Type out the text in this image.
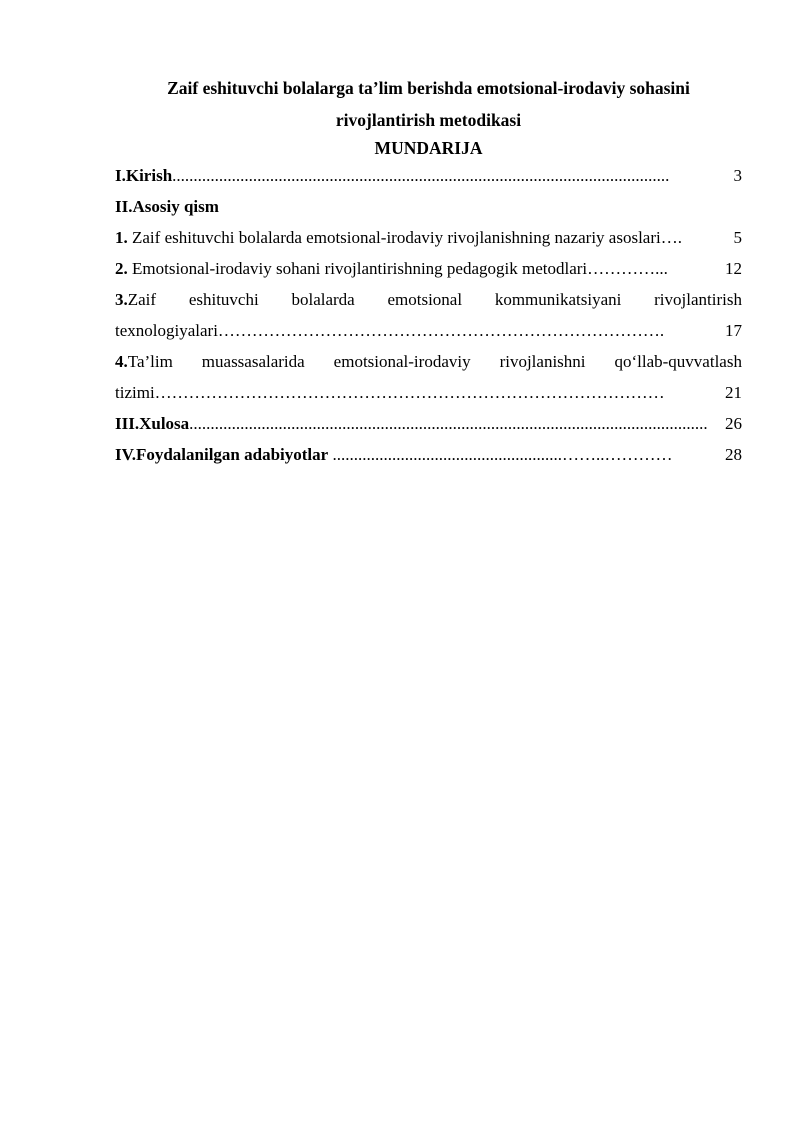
Zaif eshituvchi bolalarga ta’lim berishda emotsional-irodaviy sohasini
rivojlantirish metodikasi
MUNDARIJA
I.Kirish .....................................................................................................................	3
II.Asosiy qism
1. Zaif eshituvchi bolalarda emotsional-irodaviy rivojlanishning nazariy asoslari ….	5
2. Emotsional-irodaviy sohani rivojlantirishning pedagogik metodlari …………...	12
3.Zaif eshituvchi bolalarda emotsional kommunikatsiyani rivojlantirish
texnologiyalari …………………………………………………………………….	17
4.Ta’lim muassasalarida emotsional-irodaviy rivojlanishni qo‘llab-quvvatlash
tizimi ………………………………………………………………………………	21
III.Xulosa ..........................................................................................................................	26
IV.Foydalanilgan adabiyotlar ......................................................……..…………	28
